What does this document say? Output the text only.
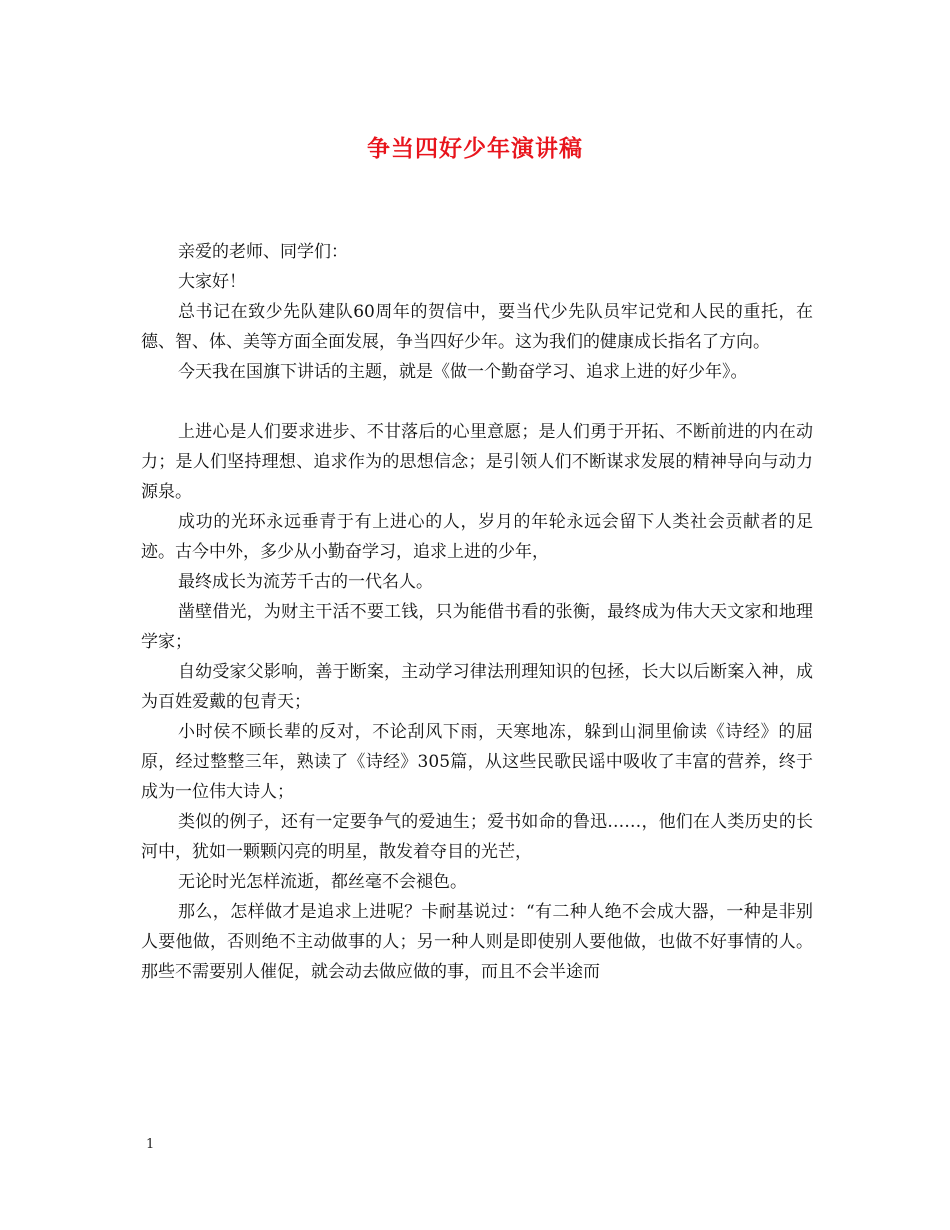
争当四好少年演讲稿

亲爱的老师、同学们：

大家好！

总书记在致少先队建队60周年的贺信中，要当代少先队员牢记党和人民的重托，在德、智、体、美等方面全面发展，争当四好少年。这为我们的健康成长指名了方向。

今天我在国旗下讲话的主题，就是《做一个勤奋学习、追求上进的好少年》。

上进心是人们要求进步、不甘落后的心里意愿；是人们勇于开拓、不断前进的内在动力；是人们坚持理想、追求作为的思想信念；是引领人们不断谋求发展的精神导向与动力源泉。

成功的光环永远垂青于有上进心的人，岁月的年轮永远会留下人类社会贡献者的足迹。古今中外，多少从小勤奋学习，追求上进的少年，

最终成长为流芳千古的一代名人。

凿壁借光，为财主干活不要工钱，只为能借书看的张衡，最终成为伟大天文家和地理学家；

自幼受家父影响，善于断案，主动学习律法刑理知识的包拯，长大以后断案入神，成为百姓爱戴的包青天；

小时侯不顾长辈的反对，不论刮风下雨，天寒地冻，躲到山洞里偷读《诗经》的屈原，经过整整三年，熟读了《诗经》305篇，从这些民歌民谣中吸收了丰富的营养，终于成为一位伟大诗人；

类似的例子，还有一定要争气的爱迪生；爱书如命的鲁迅……，他们在人类历史的长河中，犹如一颗颗闪亮的明星，散发着夺目的光芒，

无论时光怎样流逝，都丝毫不会褪色。

那么，怎样做才是追求上进呢？卡耐基说过：“有二种人绝不会成大器，一种是非别人要他做，否则绝不主动做事的人；另一种人则是即使别人要他做，也做不好事情的人。那些不需要别人催促，就会动去做应做的事，而且不会半途而

1
